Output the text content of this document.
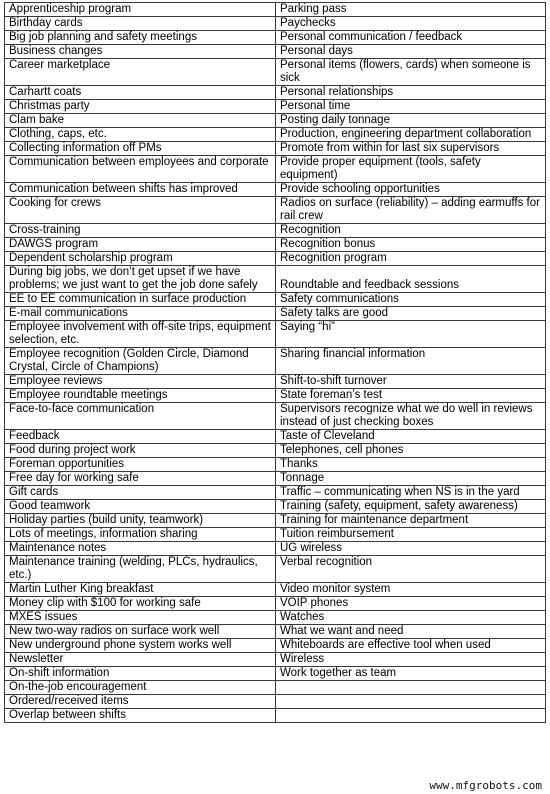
Apprenticeship program	Parking pass
Birthday cards	Paychecks
Big job planning and safety meetings	Personal communication / feedback
Business changes	Personal days
Career marketplace	Personal items (flowers, cards) when someone is sick
Carhartt coats	Personal relationships
Christmas party	Personal time
Clam bake	Posting daily tonnage
Clothing, caps, etc.	Production, engineering department collaboration
Collecting information off PMs	Promote from within for last six supervisors
Communication between employees and corporate	Provide proper equipment (tools, safety equipment)
Communication between shifts has improved	Provide schooling opportunities
Cooking for crews	Radios on surface (reliability) – adding earmuffs for rail crew
Cross-training	Recognition
DAWGS program	Recognition bonus
Dependent scholarship program	Recognition program
During big jobs, we don’t get upset if we have problems; we just want to get the job done safely	Roundtable and feedback sessions
EE to EE communication in surface production	Safety communications
E-mail communications	Safety talks are good
Employee involvement with off-site trips, equipment selection, etc.	Saying “hi”
Employee recognition (Golden Circle, Diamond Crystal, Circle of Champions)	Sharing financial information
Employee reviews	Shift-to-shift turnover
Employee roundtable meetings	State foreman’s test
Face-to-face communication	Supervisors recognize what we do well in reviews instead of just checking boxes
Feedback	Taste of Cleveland
Food during project work	Telephones, cell phones
Foreman opportunities	Thanks
Free day for working safe	Tonnage
Gift cards	Traffic – communicating when NS is in the yard
Good teamwork	Training (safety, equipment, safety awareness)
Holiday parties (build unity, teamwork)	Training for maintenance department
Lots of meetings, information sharing	Tuition reimbursement
Maintenance notes	UG wireless
Maintenance training (welding, PLCs, hydraulics, etc.)	Verbal recognition
Martin Luther King breakfast	Video monitor system
Money clip with $100 for working safe	VOIP phones
MXES issues	Watches
New two-way radios on surface work well	What we want and need
New underground phone system works well	Whiteboards are effective tool when used
Newsletter	Wireless
On-shift information	Work together as team
On-the-job encouragement	
Ordered/received items	
Overlap between shifts	
www.mfgrobots.com
